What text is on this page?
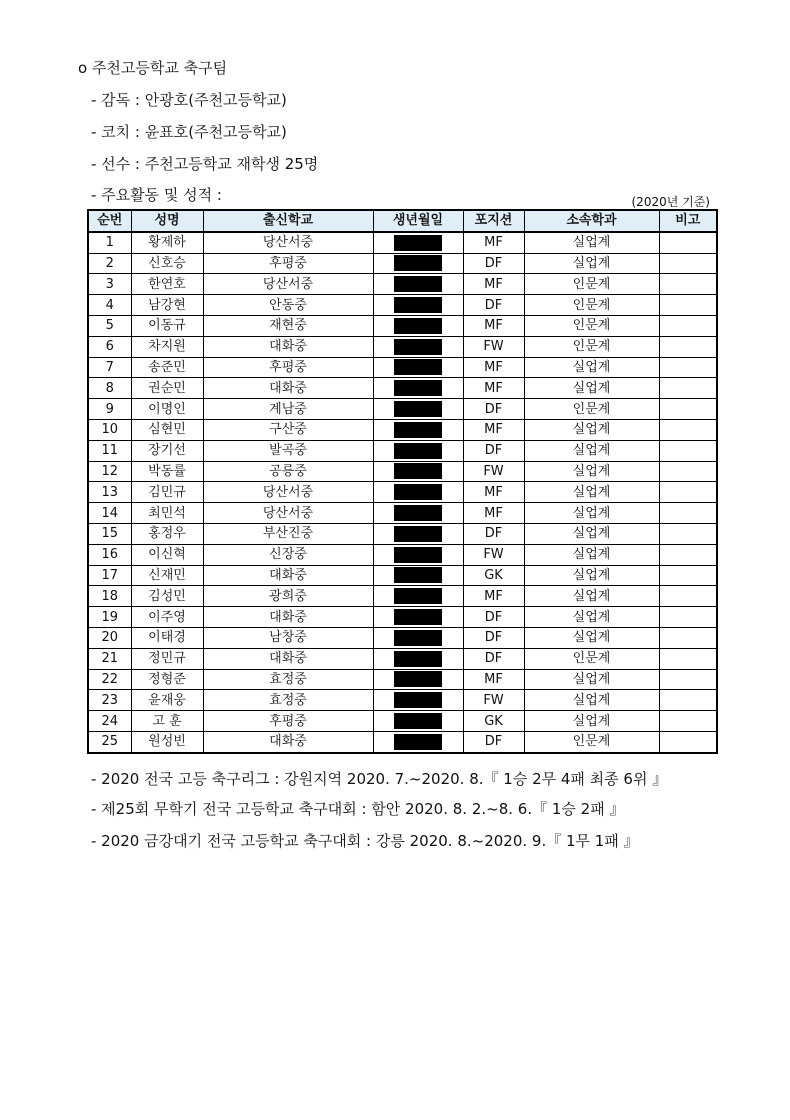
o 주천고등학교 축구팀
- 감독 : 안광호(주천고등학교)
- 코치 : 윤표호(주천고등학교)
- 선수 : 주천고등학교 재학생 25명
- 주요활동 및 성적 :	(2020년 기준)
순번	성명	출신학교	생년월일	포지션	소속학과	비고
1	황제하	당산서중		MF	실업계	
2	신호승	후평중		DF	실업계	
3	한연호	당산서중		MF	인문계	
4	남강현	안동중		DF	인문계	
5	이동규	재현중		MF	인문계	
6	차지원	대화중		FW	인문계	
7	송준민	후평중		MF	실업계	
8	권순민	대화중		MF	실업계	
9	이명인	계남중		DF	인문계	
10	심현민	구산중		MF	실업계	
11	장기선	발곡중		DF	실업계	
12	박동률	공릉중		FW	실업계	
13	김민규	당산서중		MF	실업계	
14	최민석	당산서중		MF	실업계	
15	홍정우	부산진중		DF	실업계	
16	이신혁	신장중		FW	실업계	
17	신재민	대화중		GK	실업계	
18	김성민	광희중		MF	실업계	
19	이주영	대화중		DF	실업계	
20	이태경	남창중		DF	실업계	
21	정민규	대화중		DF	인문계	
22	정형준	효정중		MF	실업계	
23	윤재웅	효정중		FW	실업계	
24	고 훈	후평중		GK	실업계	
25	원성빈	대화중		DF	인문계	
- 2020 전국 고등 축구리그 : 강원지역 2020. 7.~2020. 8.『 1승 2무 4패 최종 6위 』
- 제25회 무학기 전국 고등학교 축구대회 : 함안 2020. 8. 2.~8. 6.『 1승 2패 』
- 2020 금강대기 전국 고등학교 축구대회 : 강릉 2020. 8.~2020. 9.『 1무 1패 』
